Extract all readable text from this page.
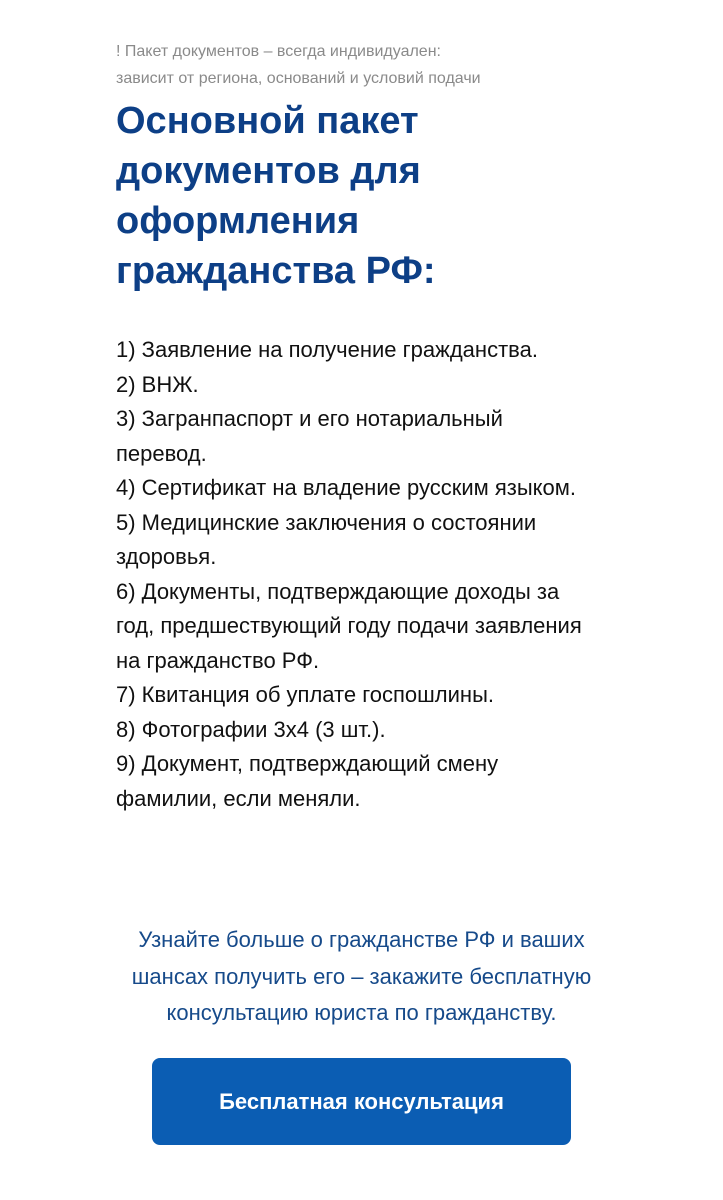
! Пакет документов – всегда индивидуален:
зависит от региона, оснований и условий подачи
Основной пакет документов для оформления гражданства РФ:
1) Заявление на получение гражданства.
2) ВНЖ.
3) Загранпаспорт и его нотариальный перевод.
4) Сертификат на владение русским языком.
5) Медицинские заключения о состоянии здоровья.
6) Документы, подтверждающие доходы за год, предшествующий году подачи заявления на гражданство РФ.
7) Квитанция об уплате госпошлины.
8) Фотографии 3х4 (3 шт.).
9) Документ, подтверждающий смену фамилии, если меняли.
Узнайте больше о гражданстве РФ и ваших
шансах получить его – закажите бесплатную
консультацию юриста по гражданству.
Бесплатная консультация
